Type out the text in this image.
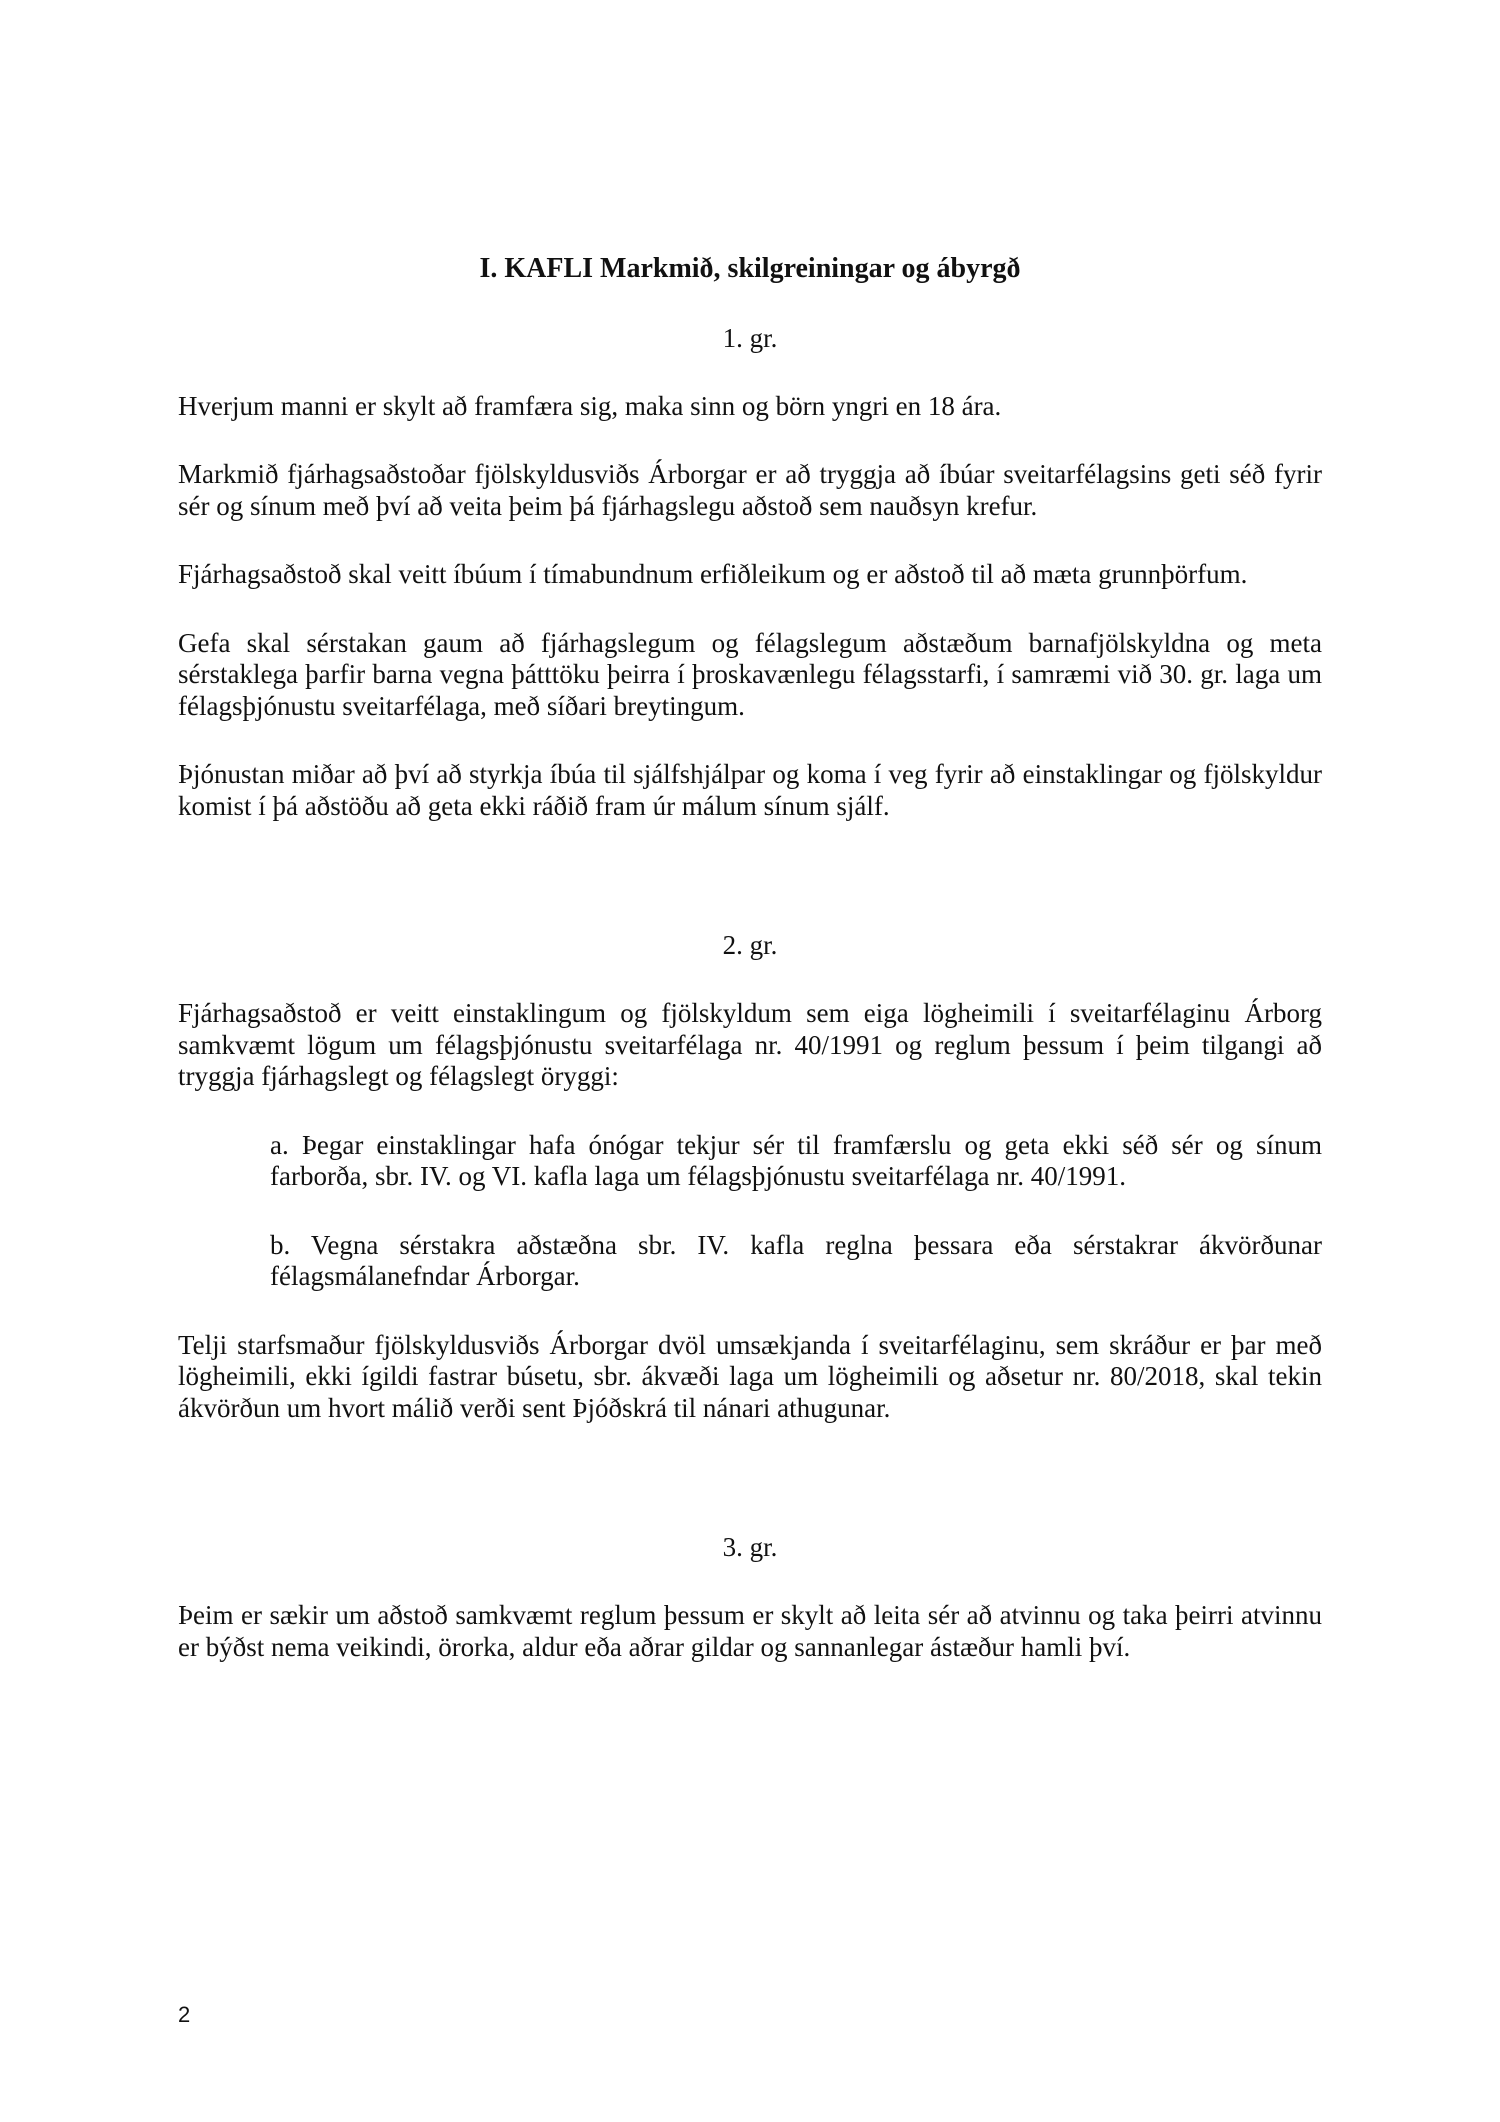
I. KAFLI Markmið, skilgreiningar og ábyrgð
1. gr.

Hverjum manni er skylt að framfæra sig, maka sinn og börn yngri en 18 ára.

Markmið fjárhagsaðstoðar fjölskyldusviðs Árborgar er að tryggja að íbúar sveitarfélagsins geti séð fyrir sér og sínum með því að veita þeim þá fjárhagslegu aðstoð sem nauðsyn krefur.

Fjárhagsaðstoð skal veitt íbúum í tímabundnum erfiðleikum og er aðstoð til að mæta grunnþörfum.

Gefa skal sérstakan gaum að fjárhagslegum og félagslegum aðstæðum barnafjölskyldna og meta sérstaklega þarfir barna vegna þátttöku þeirra í þroskavænlegu félagsstarfi, í samræmi við 30. gr. laga um félagsþjónustu sveitarfélaga, með síðari breytingum.

Þjónustan miðar að því að styrkja íbúa til sjálfshjálpar og koma í veg fyrir að einstaklingar og fjölskyldur komist í þá aðstöðu að geta ekki ráðið fram úr málum sínum sjálf.

2. gr.

Fjárhagsaðstoð er veitt einstaklingum og fjölskyldum sem eiga lögheimili í sveitarfélaginu Árborg samkvæmt lögum um félagsþjónustu sveitarfélaga nr. 40/1991 og reglum þessum í þeim tilgangi að tryggja fjárhagslegt og félagslegt öryggi:

a. Þegar einstaklingar hafa ónógar tekjur sér til framfærslu og geta ekki séð sér og sínum farborða, sbr. IV. og VI. kafla laga um félagsþjónustu sveitarfélaga nr. 40/1991.

b. Vegna sérstakra aðstæðna sbr. IV. kafla reglna þessara eða sérstakrar ákvörðunar félagsmálanefndar Árborgar.

Telji starfsmaður fjölskyldusviðs Árborgar dvöl umsækjanda í sveitarfélaginu, sem skráður er þar með lögheimili, ekki ígildi fastrar búsetu, sbr. ákvæði laga um lögheimili og aðsetur nr. 80/2018, skal tekin ákvörðun um hvort málið verði sent Þjóðskrá til nánari athugunar.

3. gr.

Þeim er sækir um aðstoð samkvæmt reglum þessum er skylt að leita sér að atvinnu og taka þeirri atvinnu er býðst nema veikindi, örorka, aldur eða aðrar gildar og sannanlegar ástæður hamli því.

2
